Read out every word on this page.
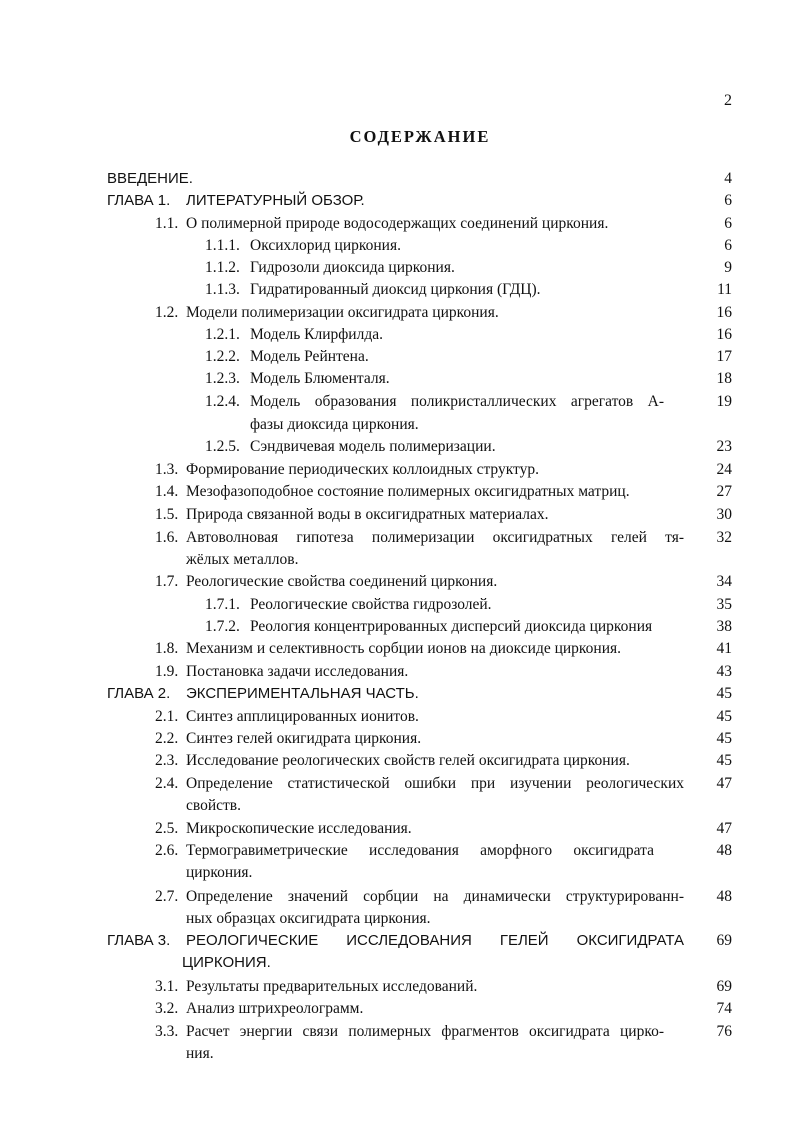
2
СОДЕРЖАНИЕ
ВВЕДЕНИЕ.	4
ГЛАВА 1. ЛИТЕРАТУРНЫЙ ОБЗОР.	6
1.1. О полимерной природе водосодержащих соединений циркония.	6
1.1.1. Оксихлорид циркония.	6
1.1.2. Гидрозоли диоксида циркония.	9
1.1.3. Гидратированный диоксид циркония (ГДЦ).	11
1.2. Модели полимеризации оксигидрата циркония.	16
1.2.1. Модель Клирфилда.	16
1.2.2. Модель Рейнтена.	17
1.2.3. Модель Блюменталя.	18
1.2.4. Модель образования поликристаллических агрегатов А-	19
фазы диоксида циркония.
1.2.5. Сэндвичевая модель полимеризации.	23
1.3. Формирование периодических коллоидных структур.	24
1.4. Мезофазоподобное состояние полимерных оксигидратных матриц.	27
1.5. Природа связанной воды в оксигидратных материалах.	30
1.6. Автоволновая гипотеза полимеризации оксигидратных гелей тя- 32
жёлых металлов.
1.7. Реологические свойства соединений циркония.	34
1.7.1. Реологические свойства гидрозолей.	35
1.7.2. Реология концентрированных дисперсий диоксида циркония	38
1.8. Механизм и селективность сорбции ионов на диоксиде циркония.	41
1.9. Постановка задачи исследования.	43
ГЛАВА 2. ЭКСПЕРИМЕНТАЛЬНАЯ ЧАСТЬ.	45
2.1. Синтез апплицированных ионитов.	45
2.2. Синтез гелей окигидрата циркония.	45
2.3. Исследование реологических свойств гелей оксигидрата циркония.	45
2.4. Определение статистической ошибки при изучении реологических 47
свойств.
2.5. Микроскопические исследования.	47
2.6. Термогравиметрические исследования аморфного оксигидрата	48
циркония.
2.7. Определение значений сорбции на динамически структурированн- 48
ных образцах оксигидрата циркония.
ГЛАВА 3. РЕОЛОГИЧЕСКИЕ ИССЛЕДОВАНИЯ ГЕЛЕЙ ОКСИГИДРАТА 69
ЦИРКОНИЯ.
3.1. Результаты предварительных исследований.	69
3.2. Анализ штрихреологрaмм.	74
3.3. Расчет энергии связи полимерных фрагментов оксигидрата цирко-	76
ния.
